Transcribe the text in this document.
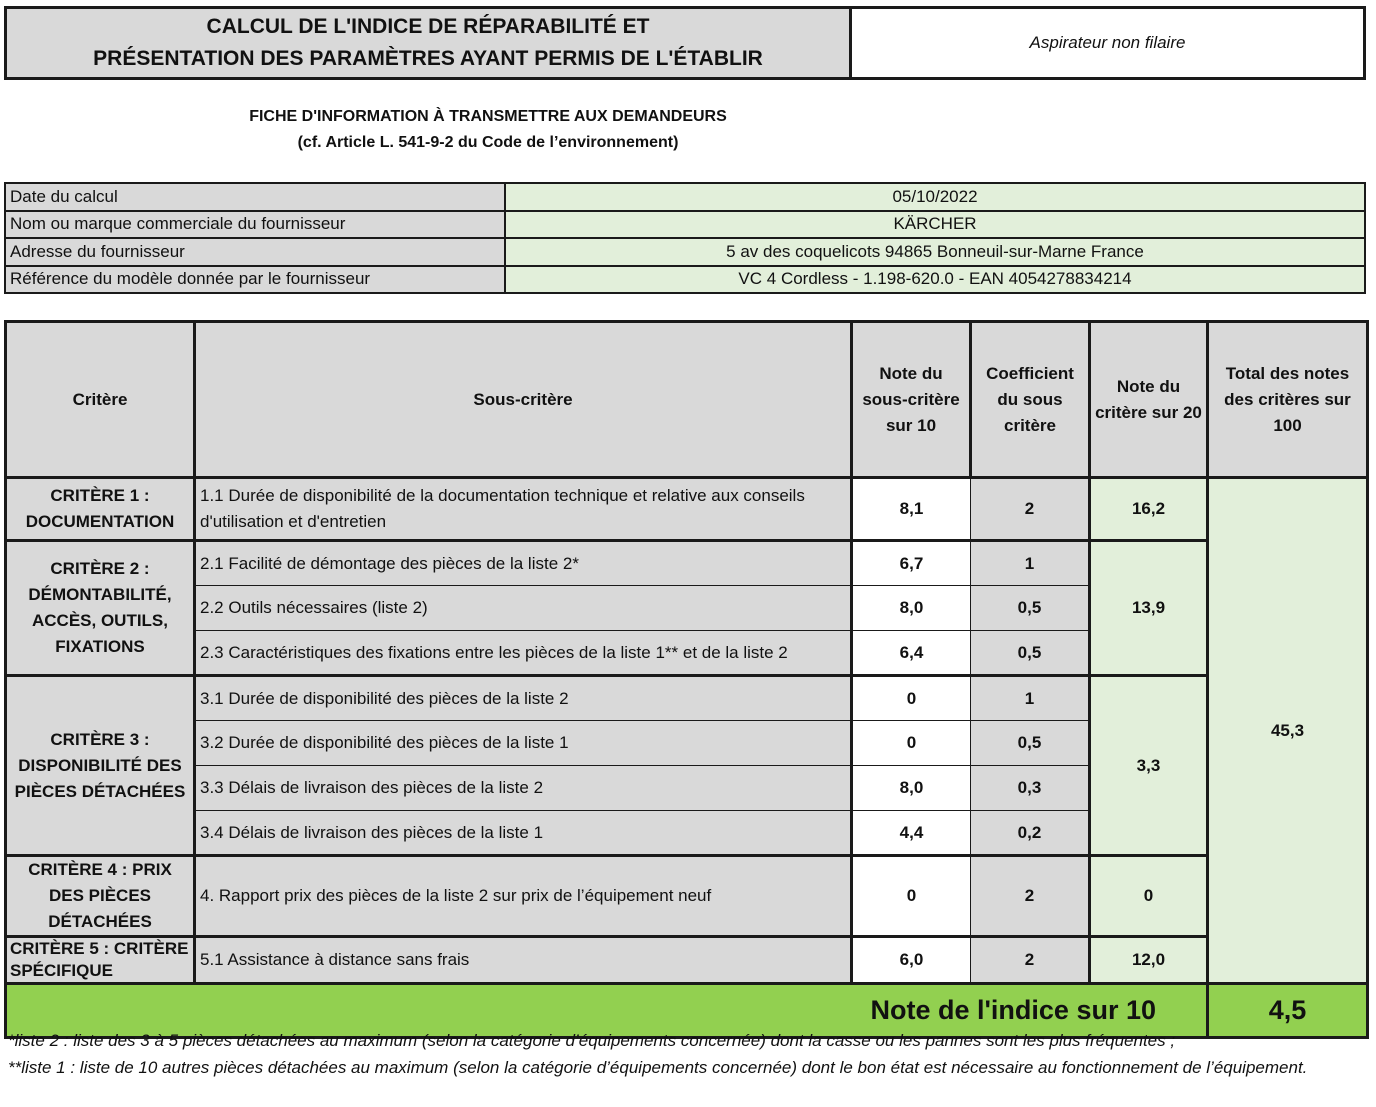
CALCUL DE L'INDICE DE RÉPARABILITÉ ET
PRÉSENTATION DES PARAMÈTRES AYANT PERMIS DE L'ÉTABLIR
Aspirateur non filaire
FICHE D'INFORMATION À TRANSMETTRE AUX DEMANDEURS
(cf. Article L. 541-9-2 du Code de l’environnement)
Date du calcul	05/10/2022
Nom ou marque commerciale du fournisseur	KÄRCHER
Adresse du fournisseur	5 av des coquelicots 94865 Bonneuil-sur-Marne France
Référence du modèle donnée par le fournisseur	VC 4 Cordless - 1.198-620.0 - EAN 4054278834214
Critère	Sous-critère	Note du sous-critère sur 10	Coefficient du sous critère	Note du critère sur 20	Total des notes des critères sur 100
CRITÈRE 1 : DOCUMENTATION	1.1 Durée de disponibilité de la documentation technique et relative aux conseils d'utilisation et d'entretien	8,1	2	16,2	45,3
CRITÈRE 2 : DÉMONTABILITÉ, ACCÈS, OUTILS, FIXATIONS	2.1 Facilité de démontage des pièces de la liste 2*	6,7	1	13,9	
	2.2 Outils nécessaires (liste 2)	8,0	0,5		
	2.3 Caractéristiques des fixations entre les pièces de la liste 1** et de la liste 2	6,4	0,5		
CRITÈRE 3 : DISPONIBILITÉ DES PIÈCES DÉTACHÉES	3.1 Durée de disponibilité des pièces de la liste 2	0	1	3,3	
	3.2 Durée de disponibilité des pièces de la liste 1	0	0,5		
	3.3 Délais de livraison des pièces de la liste 2	8,0	0,3		
	3.4 Délais de livraison des pièces de la liste 1	4,4	0,2		
CRITÈRE 4 : PRIX DES PIÈCES DÉTACHÉES	4. Rapport prix des pièces de la liste 2 sur prix de l’équipement neuf	0	2	0	
CRITÈRE 5 : CRITÈRE SPÉCIFIQUE	5.1 Assistance à distance sans frais	6,0	2	12,0	
Note de l'indice sur 10					4,5
*liste 2 : liste des 3 à 5 pièces détachées au maximum (selon la catégorie d’équipements concernée) dont la casse ou les pannes sont les plus fréquentes ;
**liste 1 : liste de 10 autres pièces détachées au maximum (selon la catégorie d’équipements concernée) dont le bon état est nécessaire au fonctionnement de l’équipement.
